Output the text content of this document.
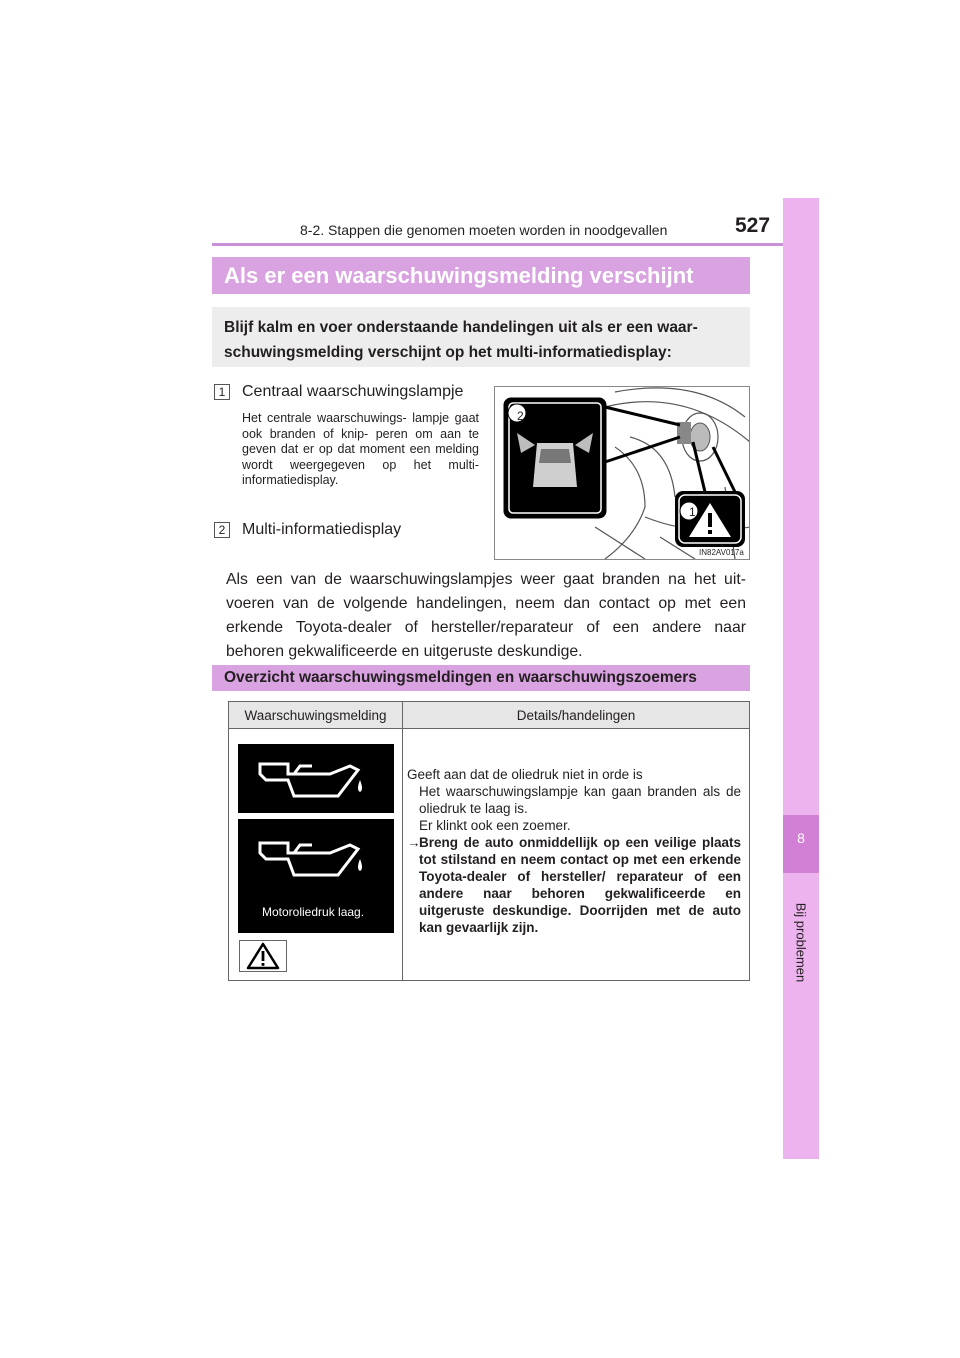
8-2. Stappen die genomen moeten worden in noodgevallen	527
8
Bij problemen
Als er een waarschuwingsmelding verschijnt
Blijf kalm en voer onderstaande handelingen uit als er een waar- schuwingsmelding verschijnt op het multi-informatiedisplay:
1 Centraal waarschuwingslampje
Het centrale waarschuwings- lampje gaat ook branden of knip- peren om aan te geven dat er op dat moment een melding wordt weergegeven op het multi- informatiedisplay.
2 Multi-informatiedisplay
2
1
IN82AV017a
Als een van de waarschuwingslampjes weer gaat branden na het uit- voeren van de volgende handelingen, neem dan contact op met een erkende Toyota-dealer of hersteller/reparateur of een andere naar behoren gekwalificeerde en uitgeruste deskundige.
Overzicht waarschuwingsmeldingen en waarschuwingszoemers
Waarschuwingsmelding	Details/handelingen
Motoroliedruk laag.
Geeft aan dat de oliedruk niet in orde is
Het waarschuwingslampje kan gaan branden als de oliedruk te laag is.
Er klinkt ook een zoemer.
→
Breng de auto onmiddellijk op een veilige plaats tot stilstand en neem contact op met een erkende Toyota-dealer of hersteller/ reparateur of een andere naar behoren gekwalificeerde en uitgeruste deskundige. Doorrijden met de auto kan gevaarlijk zijn.
